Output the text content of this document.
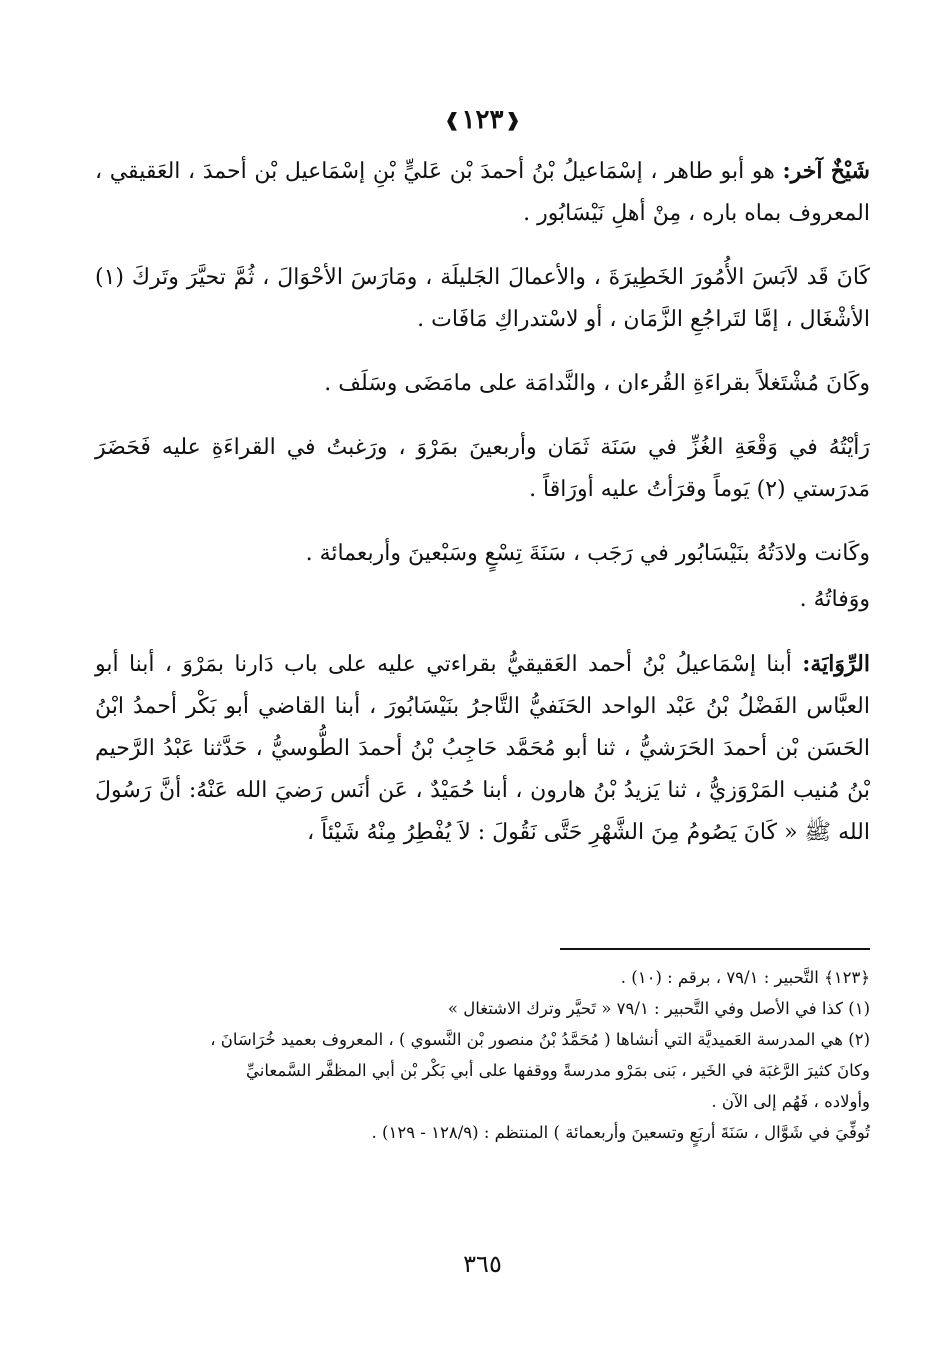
❰١٢٣❱

شَيْخٌ آخر: هو أبو طاهر ، إسْمَاعيلُ بْنُ أحمدَ بْن عَليٍّ بْنِ إسْمَاعيل بْن أحمدَ ، العَقيقي ، المعروف بماه باره ، مِنْ أهلِ نَيْسَابُور .

كَانَ قَد لاَبَسَ الأُمُورَ الخَطِيرَةَ ، والأعمالَ الجَليلَة ، ومَارَسَ الأحْوَالَ ، ثُمَّ تحيَّرَ وتَركَ (١) الأشْغَال ، إمَّا لتَراجُعِ الزَّمَان ، أو لاسْتدراكِ مَافَات .

وكَانَ مُشْتَغلاً بقراءَةِ القُرءان ، والنَّدامَة على مامَضَى وسَلَف .

رَأيْتُهُ في وَقْعَةِ الغُزِّ في سَنَة ثَمَان وأربعينَ بمَرْوَ ، ورَغبتُ في القراءَةِ عليه فَحَضَرَ مَدرَستي (٢) يَوماً وقرَأتُ عليه أورَاقاً .

وكَانت ولادَتُهُ بنَيْسَابُور في رَجَب ، سَنَةَ تِسْعٍ وسَبْعينَ وأربعمائة .

ووَفاتُهُ .

الرِّوَايَة: أبنا إسْمَاعيلُ بْنُ أحمد العَقيقيُّ بقراءتي عليه على باب دَارنا بمَرْوَ ، أبنا أبو العبَّاس الفَضْلُ بْنُ عَبْد الواحد الحَنَفيُّ التَّاجرُ بنَيْسَابُورَ ، أبنا القاضي أبو بَكْر أحمدُ ابْنُ الحَسَن بْن أحمدَ الحَرَشيُّ ، ثنا أبو مُحَمَّد حَاجِبُ بْنُ أحمدَ الطُّوسيُّ ، حَدَّثنا عَبْدُ الرَّحيم بْنُ مُنيب المَرْوَزيُّ ، ثنا يَزيدُ بْنُ هارون ، أبنا حُمَيْدٌ ، عَن أنَس رَضيَ الله عَنْهُ: أنَّ رَسُولَ الله ﷺ « كَانَ يَصُومُ مِنَ الشَّهْرِ حَتَّى نَقُولَ : لاَ يُفْطِرُ مِنْهُ شَيْئاً ،

﴿١٢٣﴾ التَّحبير : ٧٩/١ ، برقم : (١٠) .

(١) كذا في الأصل وفي التَّحبير : ٧٩/١ « تَحيَّر وترك الاشتغال »

(٢) هي المدرسة العَميديَّة التي أنشاها ( مُحَمَّدُ بْنُ منصور بْن النَّسوي ) ، المعروف بعميد خُرَاسَانَ ،

وكانَ كثيرَ الرَّغبَة في الخَير ، بَنى بمَرْو مدرسةً ووقفها على أبي بَكْر بْن أبي المظفَّر السَّمعانيِّ

وأولاده ، فَهُم إلى الآن .

تُوفِّيَ في شَوَّال ، سَنَةَ أربَعٍ وتسعينَ وأربعمائة ) المنتظم : (١٢٨/٩ - ١٢٩) .

٣٦٥
